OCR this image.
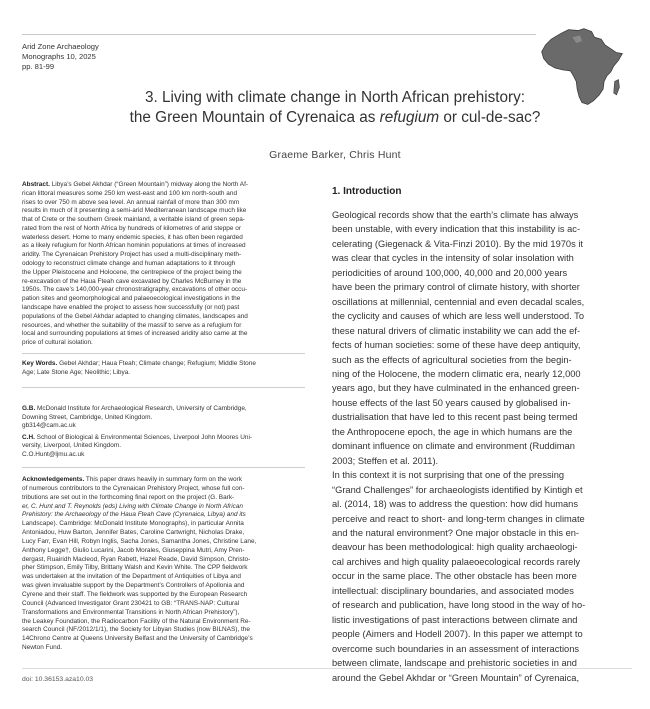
Arid Zone Archaeology
Monographs 10, 2025
pp. 81-99
3. Living with climate change in North African prehistory:
the Green Mountain of Cyrenaica as refugium or cul-de-sac?
Graeme Barker, Chris Hunt
Abstract. Libya’s Gebel Akhdar (“Green Mountain”) midway along the North Af-
rican littoral measures some 250 km west-east and 100 km north-south and
rises to over 750 m above sea level. An annual rainfall of more than 300 mm
results in much of it presenting a semi-arid Mediterranean landscape much like
that of Crete or the southern Greek mainland, a veritable island of green sepa-
rated from the rest of North Africa by hundreds of kilometres of arid steppe or
waterless desert. Home to many endemic species, it has often been regarded
as a likely refugium for North African hominin populations at times of increased
aridity. The Cyrenaican Prehistory Project has used a multi-disciplinary meth-
odology to reconstruct climate change and human adaptations to it through
the Upper Pleistocene and Holocene, the centrepiece of the project being the
re-excavation of the Haua Fteah cave excavated by Charles McBurney in the
1950s. The cave’s 140,000-year chronostratigraphy, excavations of other occu-
pation sites and geomorphological and palaeoecological investigations in the
landscape have enabled the project to assess how successfully (or not) past
populations of the Gebel Akhdar adapted to changing climates, landscapes and
resources, and whether the suitability of the massif to serve as a refugium for
local and surrounding populations at times of increased aridity also came at the
price of cultural isolation.
Key Words. Gebel Akhdar; Haua Fteah; Climate change; Refugium; Middle Stone
Age; Late Stone Age; Neolithic; Libya.
G.B. McDonald Institute for Archaeological Research, University of Cambridge,
Downing Street, Cambridge, United Kingdom.
gb314@cam.ac.uk
C.H. School of Biological & Environmental Sciences, Liverpool John Moores Uni-
versity, Liverpool, United Kingdom.
C.O.Hunt@ljmu.ac.uk
Acknowledgements. This paper draws heavily in summary form on the work
of numerous contributors to the Cyrenaican Prehistory Project, whose full con-
tributions are set out in the forthcoming final report on the project (G. Bark-
er, C. Hunt and T. Reynolds (eds) Living with Climate Change in North African
Prehistory: the Archaeology of the Haua Fteah Cave (Cyrenaica, Libya) and its
Landscape). Cambridge: McDonald Institute Monographs), in particular Annita
Antoniadou, Huw Barton, Jennifer Bates, Caroline Cartwright, Nicholas Drake,
Lucy Farr, Evan Hill, Robyn Inglis, Sacha Jones, Samantha Jones, Christine Lane,
Anthony Legge†, Giulio Lucarini, Jacob Morales, Giuseppina Mutri, Amy Pren-
dergast, Ruairidh Macleod, Ryan Rabett, Hazel Reade, David Simpson, Christo-
pher Stimpson, Emily Tilby, Brittany Walsh and Kevin White. The CPP fieldwork
was undertaken at the invitation of the Department of Antiquities of Libya and
was given invaluable support by the Department’s Controllers of Apollonia and
Cyrene and their staff. The fieldwork was supported by the European Research
Council (Advanced Investigator Grant 230421 to GB: “TRANS-NAP: Cultural
Transformations and Environmental Transitions in North African Prehistory”),
the Leakey Foundation, the Radiocarbon Facility of the Natural Environment Re-
search Council (NF/2012/1/1), the Society for Libyan Studies (now BILNAS), the
14Chrono Centre at Queens University Belfast and the University of Cambridge’s
Newton Fund.
doi: 10.36153.aza10.03

1. Introduction

Geological records show that the earth’s climate has always
been unstable, with every indication that this instability is ac-
celerating (Giegenack & Vita-Finzi 2010). By the mid 1970s it
was clear that cycles in the intensity of solar insolation with
periodicities of around 100,000, 40,000 and 20,000 years
have been the primary control of climate history, with shorter
oscillations at millennial, centennial and even decadal scales,
the cyclicity and causes of which are less well understood. To
these natural drivers of climatic instability we can add the ef-
fects of human societies: some of these have deep antiquity,
such as the effects of agricultural societies from the begin-
ning of the Holocene, the modern climatic era, nearly 12,000
years ago, but they have culminated in the enhanced green-
house effects of the last 50 years caused by globalised in-
dustrialisation that have led to this recent past being termed
the Anthropocene epoch, the age in which humans are the
dominant influence on climate and environment (Ruddiman
2003; Steffen et al. 2011).
In this context it is not surprising that one of the pressing
“Grand Challenges” for archaeologists identified by Kintigh et
al. (2014, 18) was to address the question: how did humans
perceive and react to short- and long-term changes in climate
and the natural environment? One major obstacle in this en-
deavour has been methodological: high quality archaeologi-
cal archives and high quality palaeoecological records rarely
occur in the same place. The other obstacle has been more
intellectual: disciplinary boundaries, and associated modes
of research and publication, have long stood in the way of ho-
listic investigations of past interactions between climate and
people (Aimers and Hodell 2007). In this paper we attempt to
overcome such boundaries in an assessment of interactions
between climate, landscape and prehistoric societies in and
around the Gebel Akhdar or “Green Mountain” of Cyrenaica,
